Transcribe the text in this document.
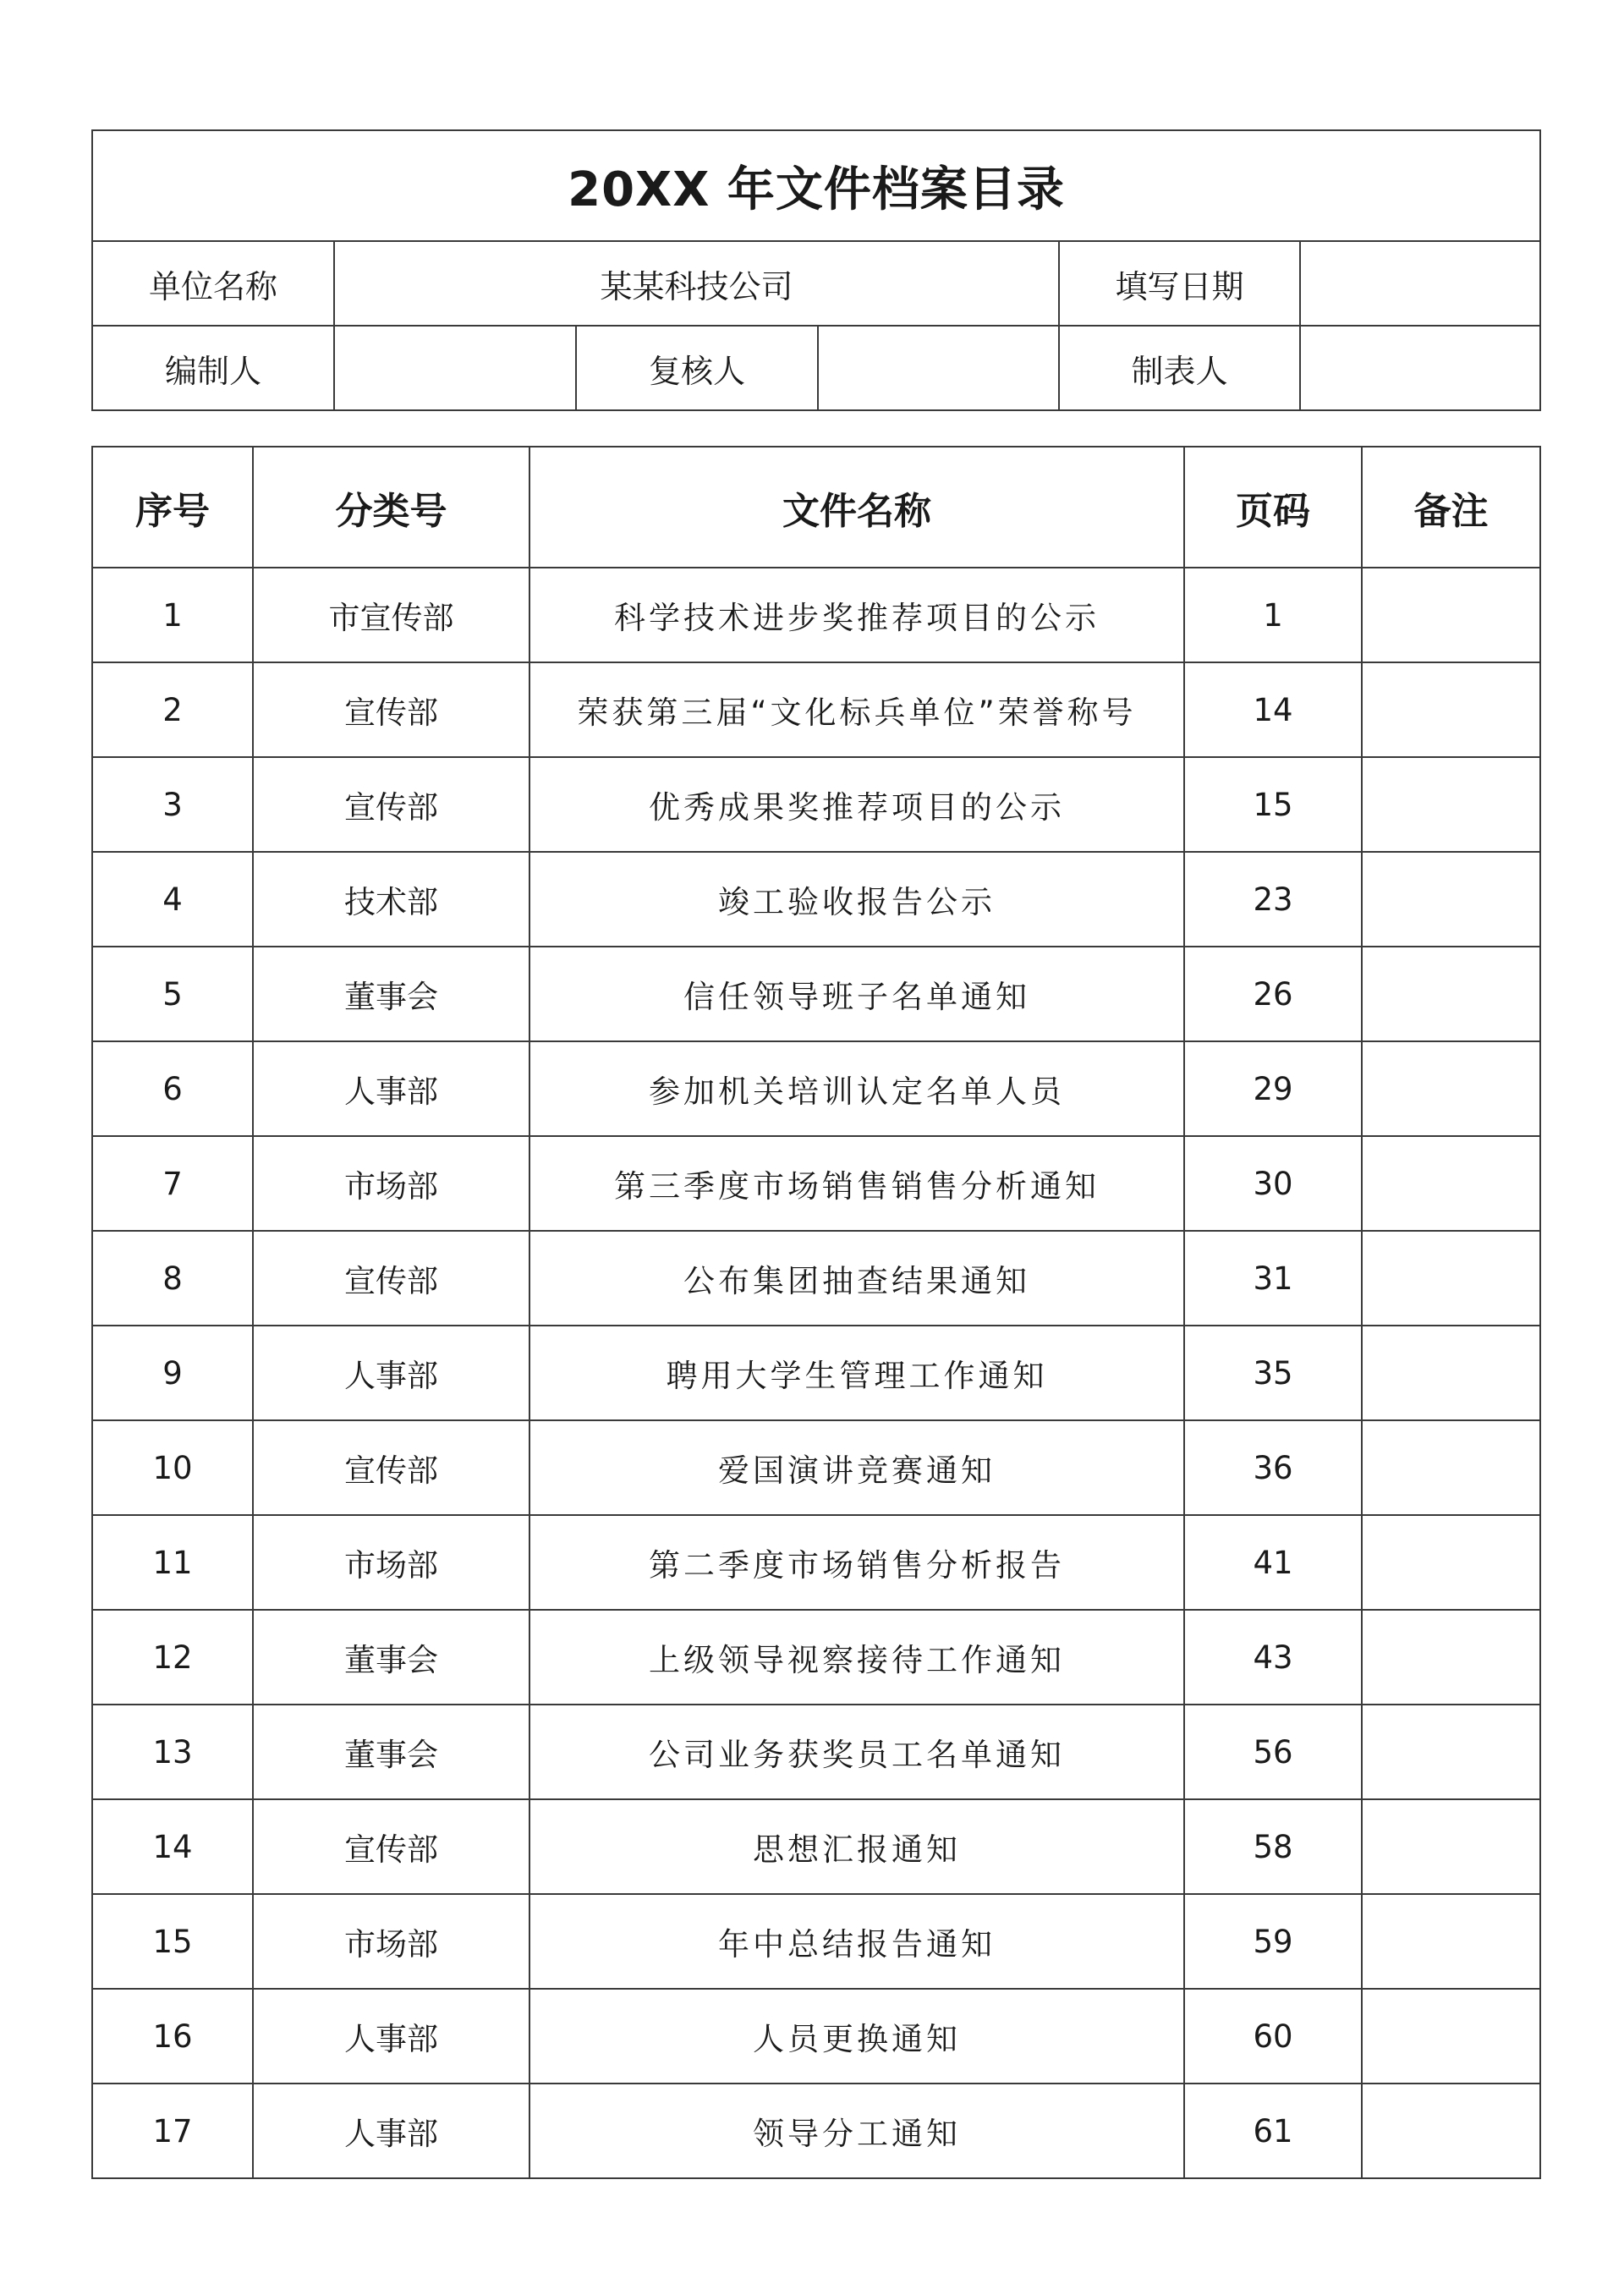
20XX 年文件档案目录					
单位名称	某某科技公司			填写日期	
编制人		复核人		制表人	
序号	分类号	文件名称	页码	备注
1	市宣传部	科学技术进步奖推荐项目的公示	1	
2	宣传部	荣获第三届“文化标兵单位”荣誉称号	14	
3	宣传部	优秀成果奖推荐项目的公示	15	
4	技术部	竣工验收报告公示	23	
5	董事会	信任领导班子名单通知	26	
6	人事部	参加机关培训认定名单人员	29	
7	市场部	第三季度市场销售销售分析通知	30	
8	宣传部	公布集团抽查结果通知	31	
9	人事部	聘用大学生管理工作通知	35	
10	宣传部	爱国演讲竞赛通知	36	
11	市场部	第二季度市场销售分析报告	41	
12	董事会	上级领导视察接待工作通知	43	
13	董事会	公司业务获奖员工名单通知	56	
14	宣传部	思想汇报通知	58	
15	市场部	年中总结报告通知	59	
16	人事部	人员更换通知	60	
17	人事部	领导分工通知	61	
